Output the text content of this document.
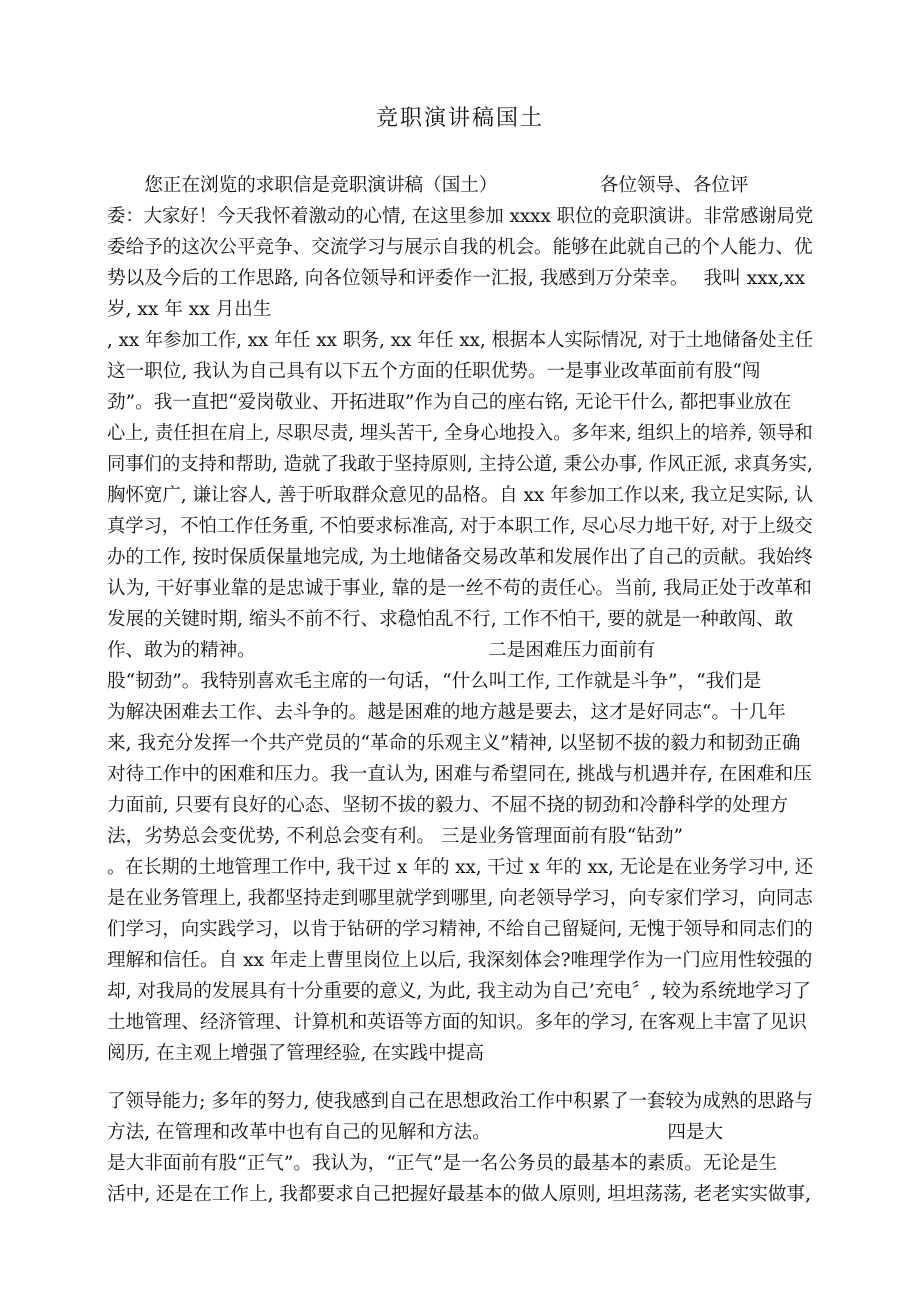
竞职演讲稿国土
　　您正在浏览的求职信是竞职演讲稿（国土）　　　　　　各位领导、各位评
委：大家好！今天我怀着激动的心情, 在这里参加 xxxx 职位的竞职演讲。非常感谢局党
委给予的这次公平竞争、交流学习与展示自我的机会。能够在此就自己的个人能力、优
势以及今后的工作思路, 向各位领导和评委作一汇报, 我感到万分荣幸。　 我叫 xxx,xx
岁, xx 年 xx 月出生
, xx 年参加工作, xx 年任 xx 职务, xx 年任 xx, 根据本人实际情况, 对于土地储备处主任
这一职位, 我认为自己具有以下五个方面的任职优势。一是事业改革面前有股“闯
劲”。我一直把“爱岗敬业、开拓进取”作为自己的座右铭, 无论干什么, 都把事业放在
心上, 责任担在肩上, 尽职尽责, 埋头苦干, 全身心地投入。多年来, 组织上的培养, 领导和
同事们的支持和帮助, 造就了我敢于坚持原则, 主持公道, 秉公办事, 作风正派, 求真务实,
胸怀宽广, 谦让容人, 善于听取群众意见的品格。自 xx 年参加工作以来, 我立足实际, 认
真学习，不怕工作任务重, 不怕要求标准高, 对于本职工作, 尽心尽力地干好, 对于上级交
办的工作, 按时保质保量地完成, 为土地储备交易改革和发展作出了自己的贡献。我始终
认为, 干好事业靠的是忠诚于事业, 靠的是一丝不苟的责任心。当前, 我局正处于改革和
发展的关键时期, 缩头不前不行、求稳怕乱不行, 工作不怕干, 要的就是一种敢闯、敢
作、敢为的精神。　　　　　　　　　　　　　二是困难压力面前有
股“韧劲”。我特别喜欢毛主席的一句话，“什么叫工作, 工作就是斗争”，“我们是
为解决困难去工作、去斗争的。越是困难的地方越是要去，这才是好同志“。十几年
来, 我充分发挥一个共产党员的“革命的乐观主义”精神, 以坚韧不拔的毅力和韧劲正确
对待工作中的困难和压力。我一直认为, 困难与希望同在, 挑战与机遇并存, 在困难和压
力面前, 只要有良好的心态、坚韧不拔的毅力、不屈不挠的韧劲和冷静科学的处理方
法，劣势总会变优势, 不利总会变有利。 三是业务管理面前有股“钻劲”
。在长期的土地管理工作中, 我干过 x 年的 xx, 干过 x 年的 xx, 无论是在业务学习中, 还
是在业务管理上, 我都坚持走到哪里就学到哪里, 向老领导学习，向专家们学习，向同志
们学习，向实践学习，以肯于钻研的学习精神, 不给自己留疑问, 无愧于领导和同志们的
理解和信任。自 xx 年走上曹里岗位上以后, 我深刻体会?唯理学作为一门应用性较强的
却, 对我局的发展具有十分重要的意义, 为此, 我主动为自己’充电〞, 较为系统地学习了
土地管理、经济管理、计算机和英语等方面的知识。多年的学习, 在客观上丰富了见识
阅历, 在主观上增强了管理经验, 在实践中提高
了领导能力; 多年的努力, 使我感到自己在思想政治工作中积累了一套较为成熟的思路与
方法, 在管理和改革中也有自己的见解和方法。　　　　　　　　　　四是大
是大非面前有股“正气”。我认为，“正气”是一名公务员的最基本的素质。无论是生
活中, 还是在工作上, 我都要求自己把握好最基本的做人原则, 坦坦荡荡, 老老实实做事,
